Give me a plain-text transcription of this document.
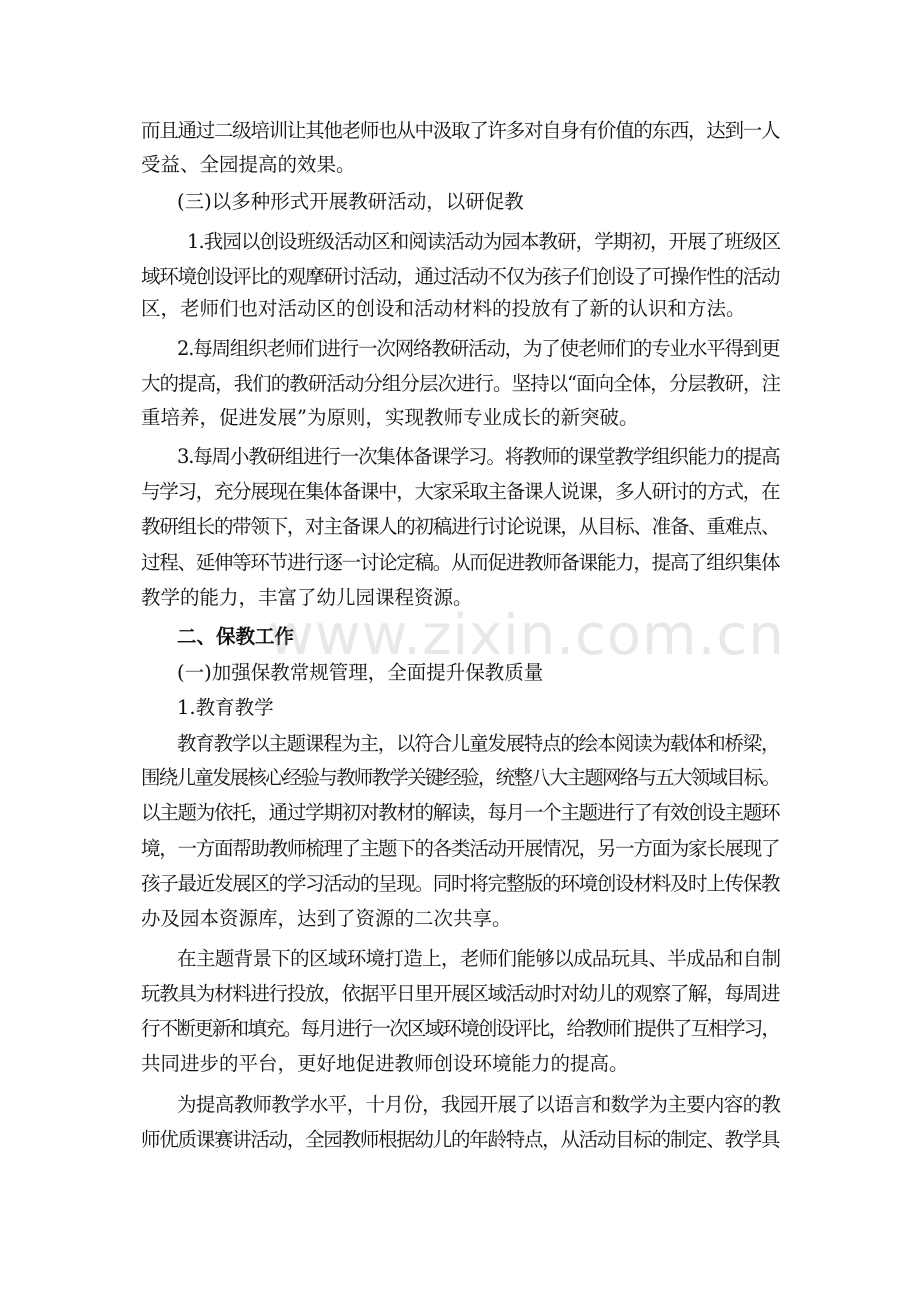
而且通过二级培训让其他老师也从中汲取了许多对自身有价值的东西，达到一人
受益、全园提高的效果。
(三)以多种形式开展教研活动，以研促教
1.我园以创设班级活动区和阅读活动为园本教研，学期初，开展了班级区
域环境创设评比的观摩研讨活动，通过活动不仅为孩子们创设了可操作性的活动
区，老师们也对活动区的创设和活动材料的投放有了新的认识和方法。
2.每周组织老师们进行一次网络教研活动，为了使老师们的专业水平得到更
大的提高，我们的教研活动分组分层次进行。坚持以“面向全体，分层教研，注
重培养，促进发展”为原则，实现教师专业成长的新突破。
3.每周小教研组进行一次集体备课学习。将教师的课堂教学组织能力的提高
与学习，充分展现在集体备课中，大家采取主备课人说课，多人研讨的方式，在
教研组长的带领下，对主备课人的初稿进行讨论说课，从目标、准备、重难点、
过程、延伸等环节进行逐一讨论定稿。从而促进教师备课能力，提高了组织集体
教学的能力，丰富了幼儿园课程资源。
二、保教工作
(一)加强保教常规管理，全面提升保教质量
1.教育教学
教育教学以主题课程为主，以符合儿童发展特点的绘本阅读为载体和桥梁，
围绕儿童发展核心经验与教师教学关键经验，统整八大主题网络与五大领域目标。
以主题为依托，通过学期初对教材的解读，每月一个主题进行了有效创设主题环
境，一方面帮助教师梳理了主题下的各类活动开展情况，另一方面为家长展现了
孩子最近发展区的学习活动的呈现。同时将完整版的环境创设材料及时上传保教
办及园本资源库，达到了资源的二次共享。
在主题背景下的区域环境打造上，老师们能够以成品玩具、半成品和自制
玩教具为材料进行投放，依据平日里开展区域活动时对幼儿的观察了解，每周进
行不断更新和填充。每月进行一次区域环境创设评比，给教师们提供了互相学习，
共同进步的平台，更好地促进教师创设环境能力的提高。
为提高教师教学水平，十月份，我园开展了以语言和数学为主要内容的教
师优质课赛讲活动，全园教师根据幼儿的年龄特点，从活动目标的制定、教学具
www.zixin.com.cn
